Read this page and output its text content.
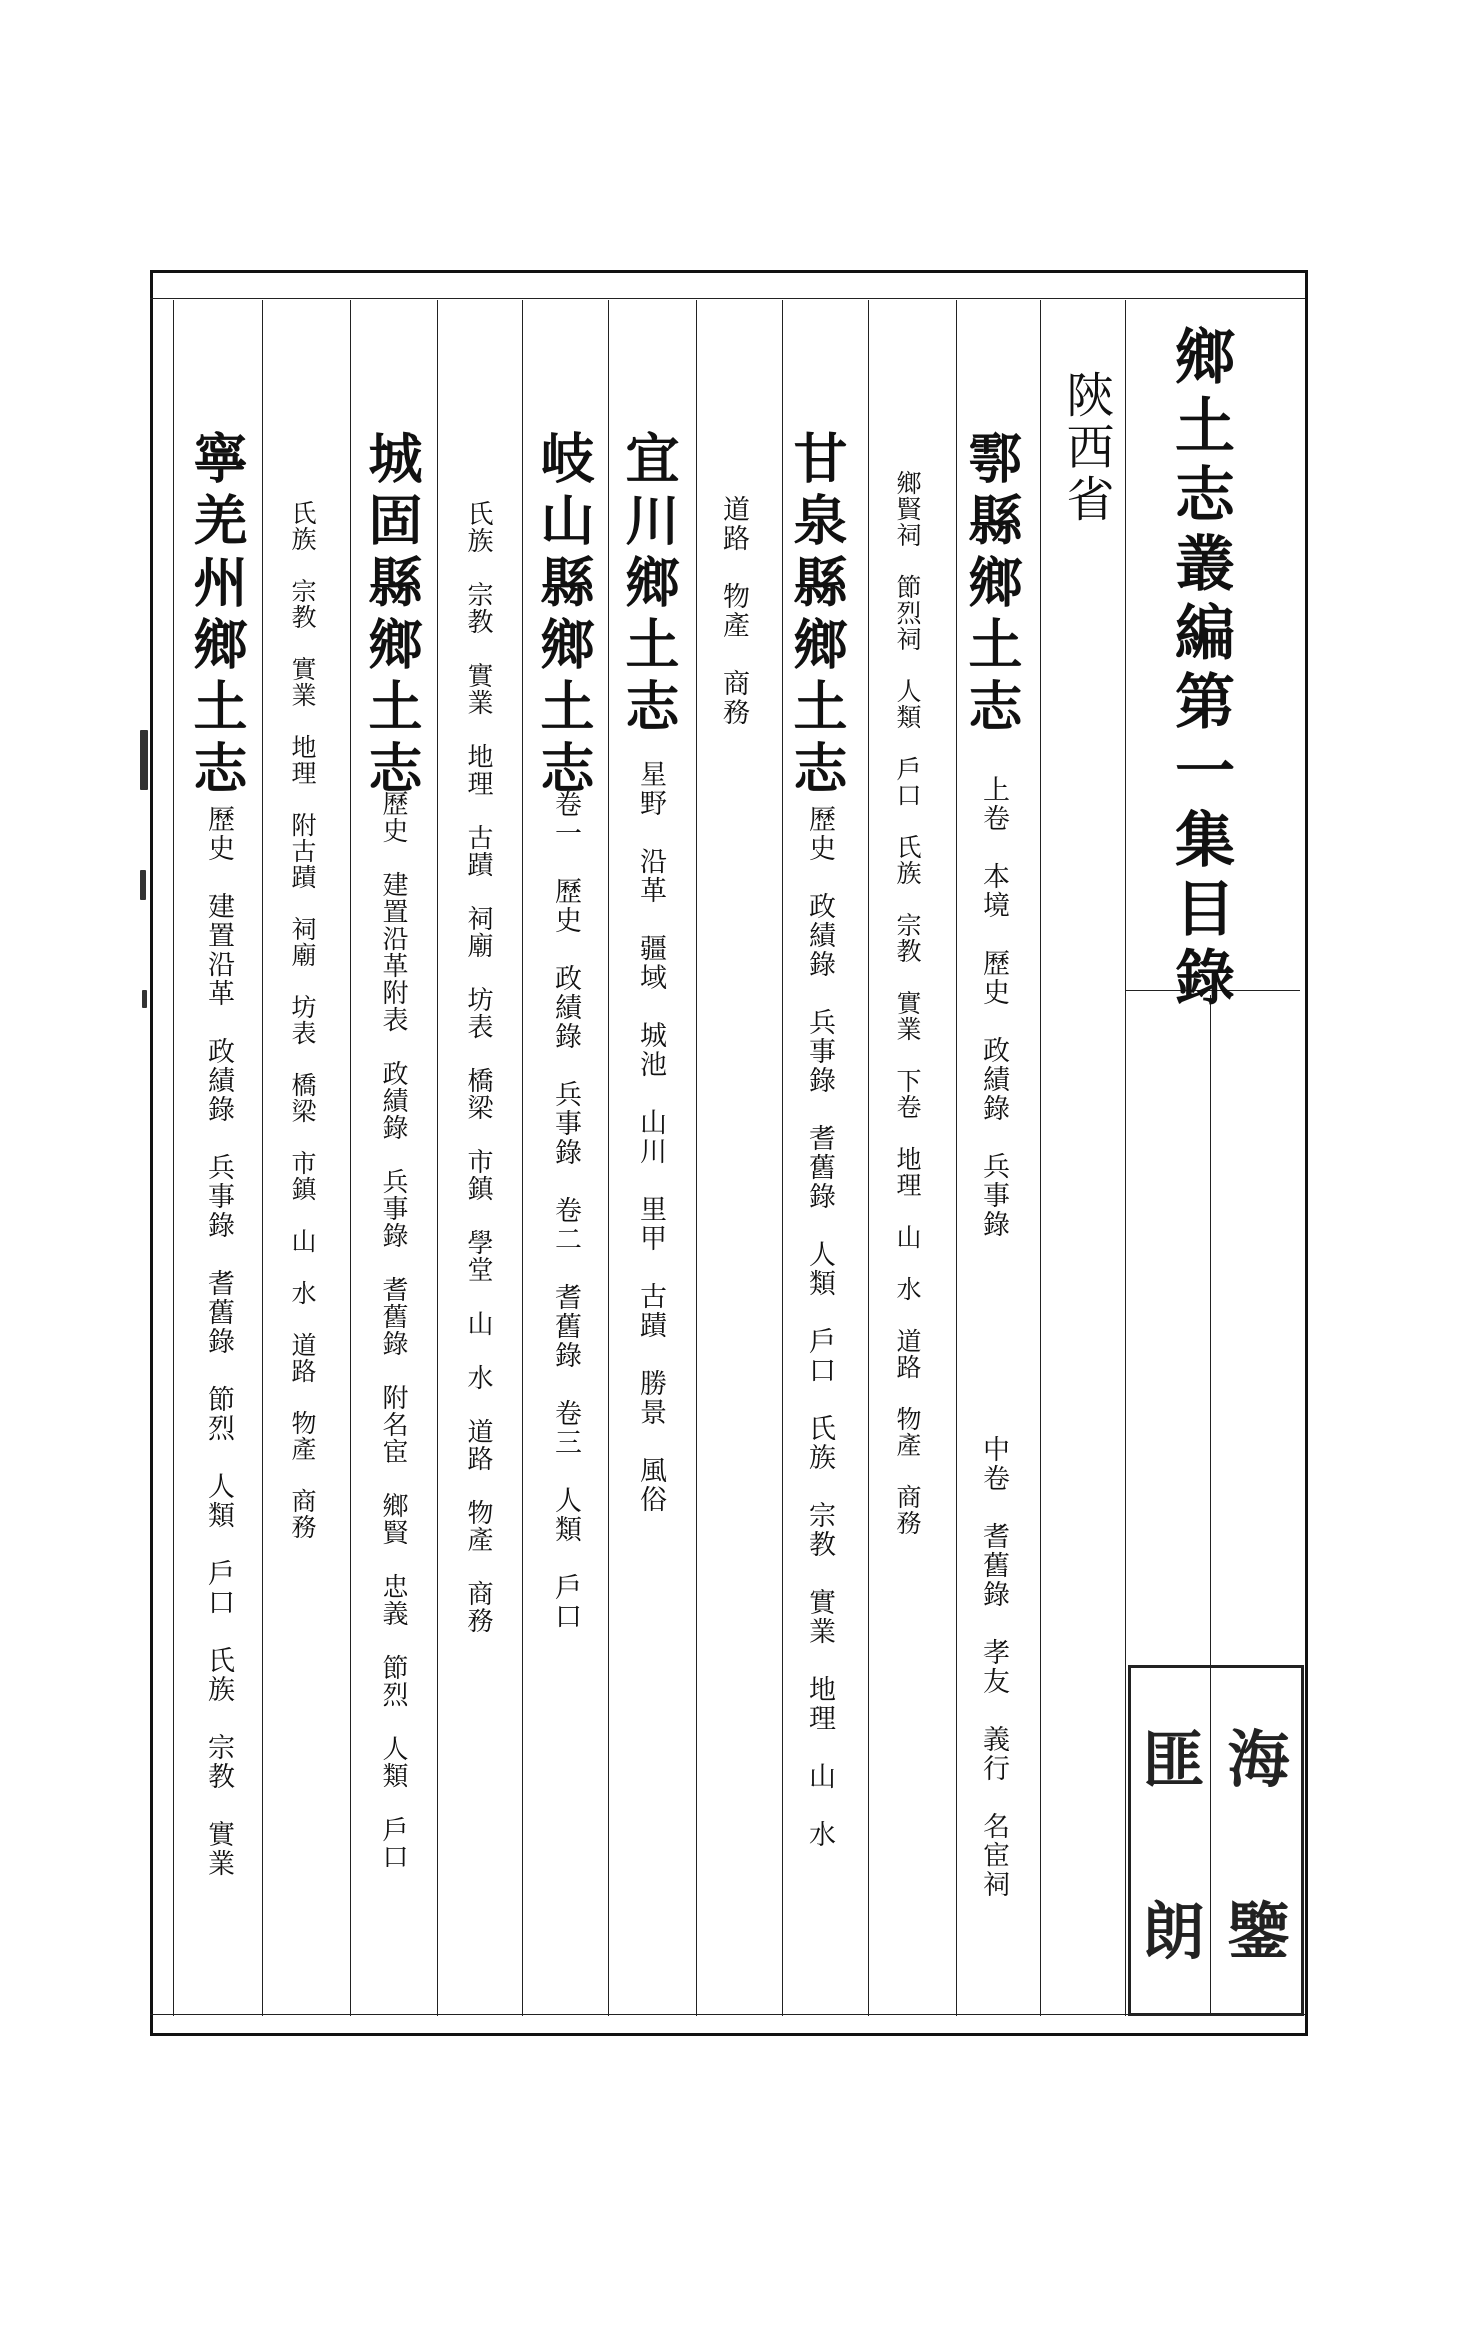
鄉土志叢編第一集目錄
陝西省
鄠縣鄉土志
上卷　本境　歷史　政績錄　兵事錄
中卷　耆舊錄　孝友　義行　名宦祠
鄉賢祠　節烈祠　人類　戶口　氏族　宗教　實業　下卷　地理　山　水　道路　物產　商務
甘泉縣鄉土志
歷史　政績錄　兵事錄　耆舊錄　人類　戶口　氏族　宗教　實業　地理　山　水
道路　物產　商務
宜川鄉土志
星野　沿革　疆域　城池　山川　里甲　古蹟　勝景　風俗
岐山縣鄉土志
卷一　歷史　政績錄　兵事錄　卷二　耆舊錄　卷三　人類　戶口
氏族　宗教　實業　地理　古蹟　祠廟　坊表　橋梁　市鎮　學堂　山　水　道路　物產　商務
城固縣鄉土志
歷史　建置沿革附表　政績錄　兵事錄　耆舊錄　附名宦　鄉賢　忠義　節烈　人類　戶口
氏族　宗教　實業　地理　附古蹟　祠廟　坊表　橋梁　市鎮　山　水　道路　物產　商務
寧羌州鄉土志
歷史　建置沿革　政績錄　兵事錄　耆舊錄　節烈　人類　戶口　氏族　宗教　實業	匪 海
朗 鑒
